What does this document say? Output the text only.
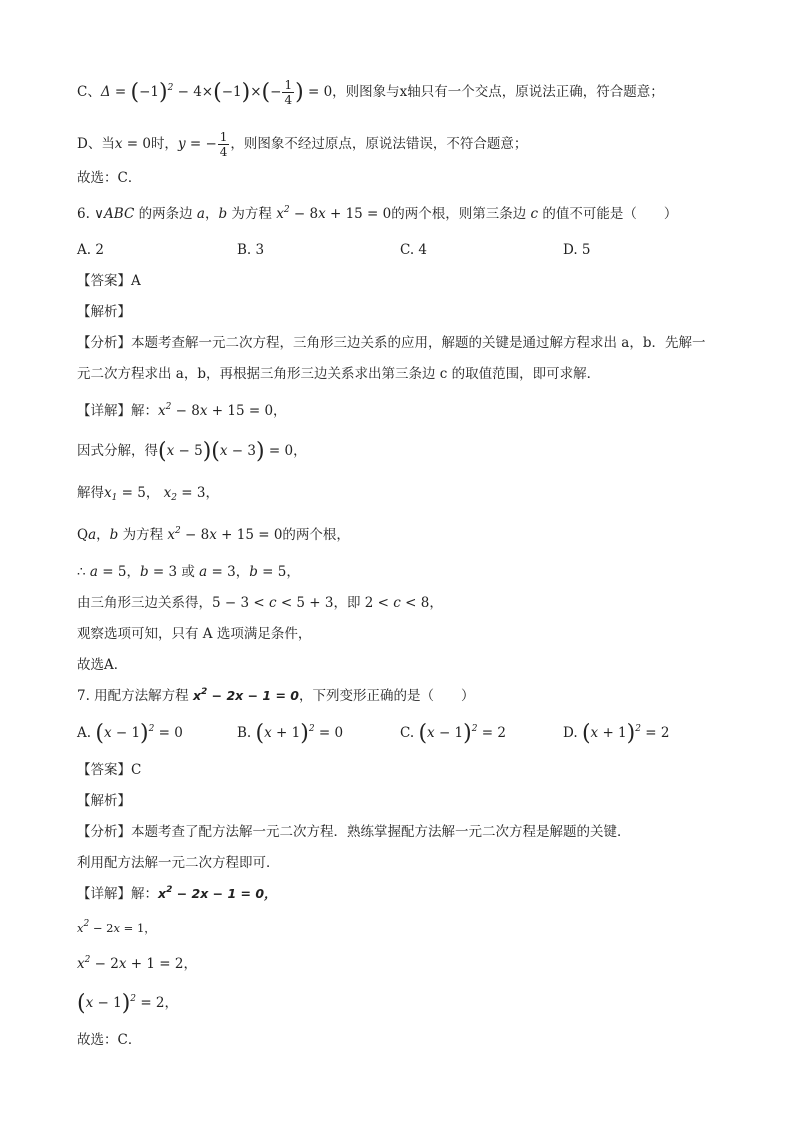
C、$\Delta = (-1)^2 - 4\times(-1)\times(- \frac{1}{4}$ ) = 0，则图象与x轴只有一个交点，原说法正确，符合题意；
D、当x = 0时，y = − $\frac{1}{4}$ ，则图象不经过原点，原说法错误，不符合题意；
故选：C．
6. ∨ABC 的两条边 a，b 为方程 $x^2 - 8x + 15 = 0$的两个根，则第三条边 c 的值不可能是（　　）
A. 2	B. 3	C. 4	D. 5
【答案】A
【解析】
【分析】本题考查解一元二次方程，三角形三边关系的应用，解题的关键是通过解方程求出 a，b．先解一
元二次方程求出 a，b，再根据三角形三边关系求出第三条边 c 的取值范围，即可求解．
【详解】解：$x^2 - 8x + 15 = 0$，
因式分解，得(x − 5)(x − 3) = 0，
解得$x_1 = 5$， $x_2 = 3$，
Qa，b 为方程 $x^2 - 8x + 15 = 0$的两个根，
∴ a = 5，b = 3 或 a = 3，b = 5，
由三角形三边关系得，5 − 3 < c < 5 + 3，即 2 < c < 8，
观察选项可知，只有 A 选项满足条件，
故选A．
7. 用配方法解方程 $x^2 - 2x - 1 = 0$，下列变形正确的是（　　）
A. $(x - 1)^2 = 0$	B. $(x + 1)^2 = 0$	C. $(x - 1)^2 = 2$	D. $(x + 1)^2 = 2$
【答案】C
【解析】
【分析】本题考查了配方法解一元二次方程．熟练掌握配方法解一元二次方程是解题的关键．
利用配方法解一元二次方程即可．
【详解】解：$x^2 - 2x - 1 = 0$，
$x^2 - 2x = 1$，
$x^2 - 2x + 1 = 2$，
$(x - 1)^2 = 2$，
故选：C．
